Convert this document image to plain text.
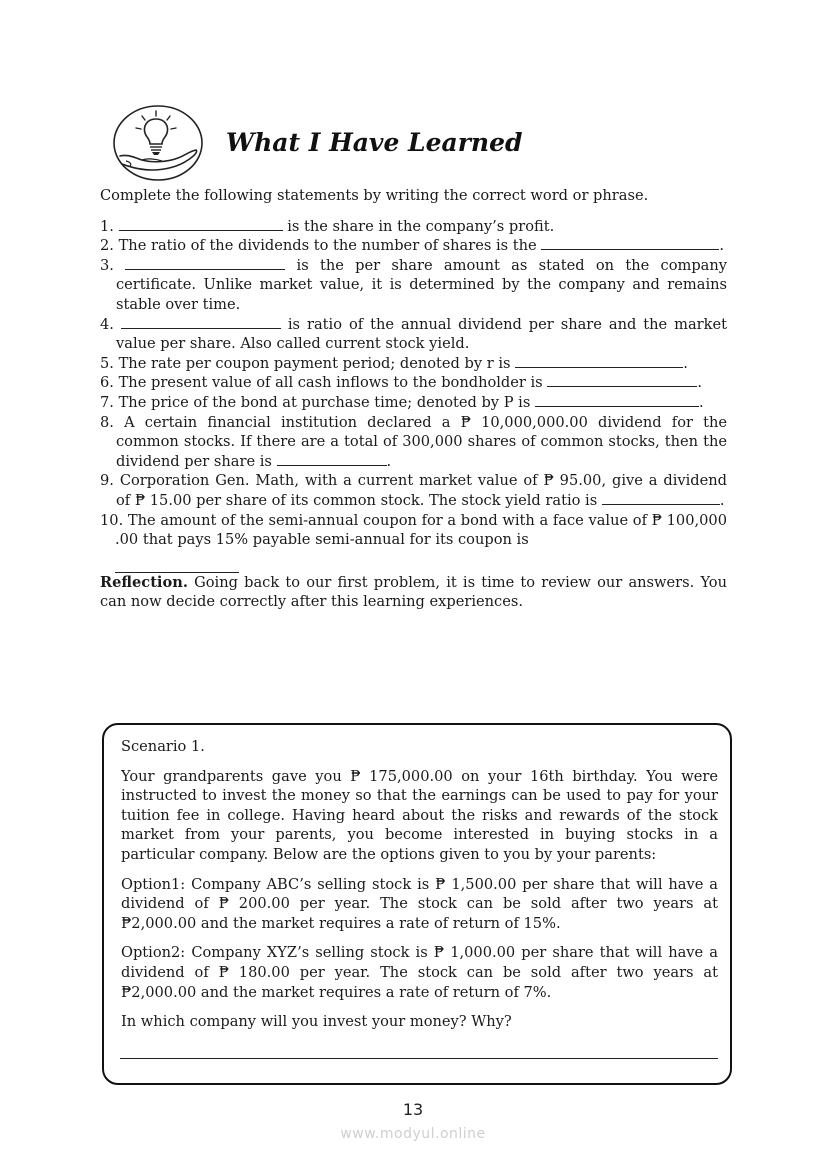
What I Have Learned

Complete the following statements by writing the correct word or phrase.

1.	is the share in the company’s profit.

2. The ratio of the dividends to the number of shares is the	.

3.	is the per share amount as stated on the company certificate. Unlike market value, it is determined by the company and remains stable over time.

4.	is ratio of the annual dividend per share and the market value per share. Also called current stock yield.

5. The rate per coupon payment period; denoted by r is	.

6. The present value of all cash inflows to the bondholder is	.

7. The price of the bond at purchase time; denoted by P is	.

8. A certain financial institution declared a ₱ 10,000,000.00 dividend for the common stocks. If there are a total of 300,000 shares of common stocks, then the dividend per share is	.

9. Corporation Gen. Math, with a current market value of ₱ 95.00, give a dividend of ₱ 15.00 per share of its common stock. The stock yield ratio is	.

10. The amount of the semi-annual coupon for a bond with a face value of ₱ 100,000 .00 that pays 15% payable semi-annual for its coupon is

Reflection. Going back to our first problem, it is time to review our answers. You can now decide correctly after this learning experiences.

Scenario 1.

Your grandparents gave you ₱ 175,000.00 on your 16th birthday. You were instructed to invest the money so that the earnings can be used to pay for your tuition fee in college. Having heard about the risks and rewards of the stock market from your parents, you become interested in buying stocks in a particular company. Below are the options given to you by your parents:

Option1: Company ABC’s selling stock is ₱ 1,500.00 per share that will have a dividend of ₱ 200.00 per year. The stock can be sold after two years at ₱2,000.00 and the market requires a rate of return of 15%.

Option2: Company XYZ’s selling stock is ₱ 1,000.00 per share that will have a dividend of ₱ 180.00 per year. The stock can be sold after two years at ₱2,000.00 and the market requires a rate of return of 7%.

In which company will you invest your money? Why?

13
www.modyul.online
